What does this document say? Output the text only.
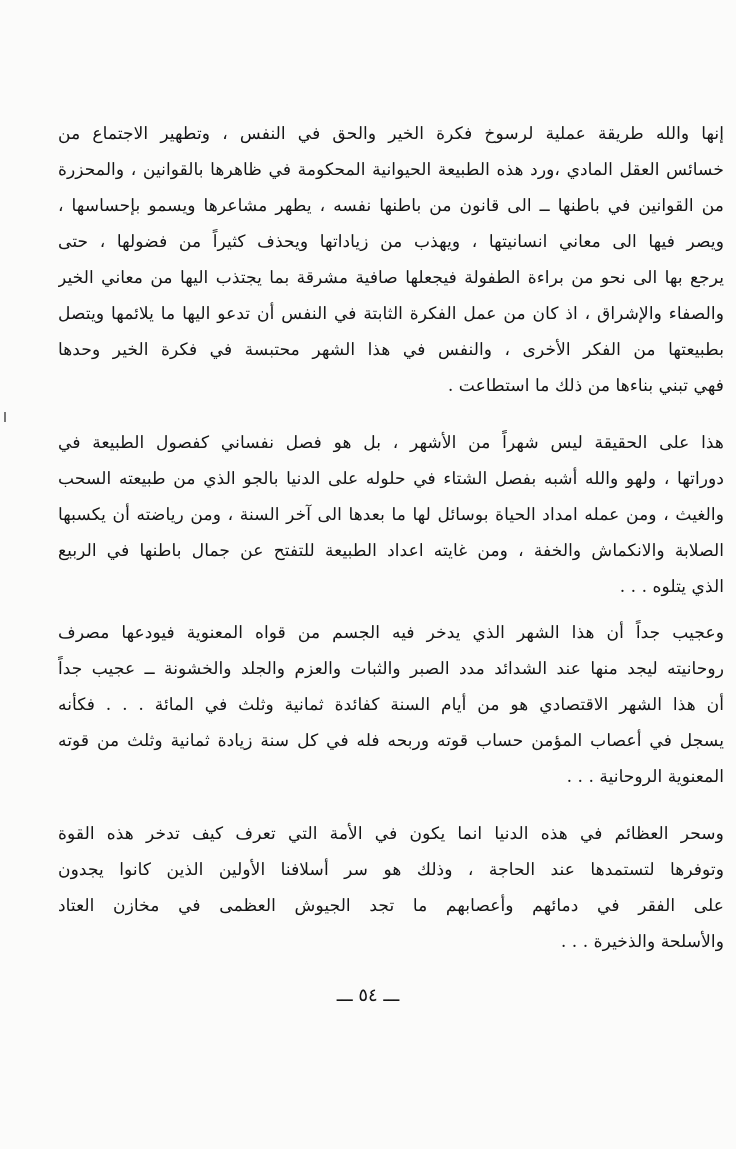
إنها والله طريقة عملية لرسوخ فكرة الخير والحق في النفس ، وتطهير الاجتماع من
خسائس العقل المادي ،ورد هذه الطبيعة الحيوانية المحكومة في ظاهرها بالقوانين ، والمحزرة
من القوانين في باطنها ــ الى قانون من باطنها نفسه ، يطهر مشاعرها ويسمو بإحساسها ،
ويصر فيها الى معاني انسانيتها ، ويهذب من زياداتها ويحذف كثيراً من فضولها ، حتى
يرجع بها الى نحو من براءة الطفولة فيجعلها صافية مشرقة بما يجتذب اليها من معاني الخير
والصفاء والإشراق ، اذ كان من عمل الفكرة الثابتة في النفس أن تدعو اليها ما يلائمها ويتصل
بطبيعتها من الفكر الأخرى ، والنفس في هذا الشهر محتبسة في فكرة الخير وحدها
فهي تبني بناءها من ذلك ما استطاعت .
هذا على الحقيقة ليس شهراً من الأشهر ، بل هو فصل نفساني كفصول الطبيعة في
دوراتها ، ولهو والله أشبه بفصل الشتاء في حلوله على الدنيا بالجو الذي من طبيعته السحب
والغيث ، ومن عمله امداد الحياة بوسائل لها ما بعدها الى آخر السنة ، ومن رياضته أن يكسبها
الصلابة والانكماش والخفة ، ومن غايته اعداد الطبيعة للتفتح عن جمال باطنها في الربيع
الذي يتلوه . . .
وعجيب جداً أن هذا الشهر الذي يدخر فيه الجسم من قواه المعنوية فيودعها مصرف
روحانيته ليجد منها عند الشدائد مدد الصبر والثبات والعزم والجلد والخشونة ــ عجيب جداً
أن هذا الشهر الاقتصادي هو من أيام السنة كفائدة ثمانية وثلث في المائة . . . فكأنه
يسجل في أعصاب المؤمن حساب قوته وربحه فله في كل سنة زيادة ثمانية وثلث من قوته
المعنوية الروحانية . . .
وسحر العظائم في هذه الدنيا انما يكون في الأمة التي تعرف كيف تدخر هذه القوة
وتوفرها لتستمدها عند الحاجة ، وذلك هو سر أسلافنا الأولين الذين كانوا يجدون
على الفقر في دمائهم وأعصابهم ما تجد الجيوش العظمى في مخازن العتاد
والأسلحة والذخيرة . . .
ـــ ٥٤ ـــ
